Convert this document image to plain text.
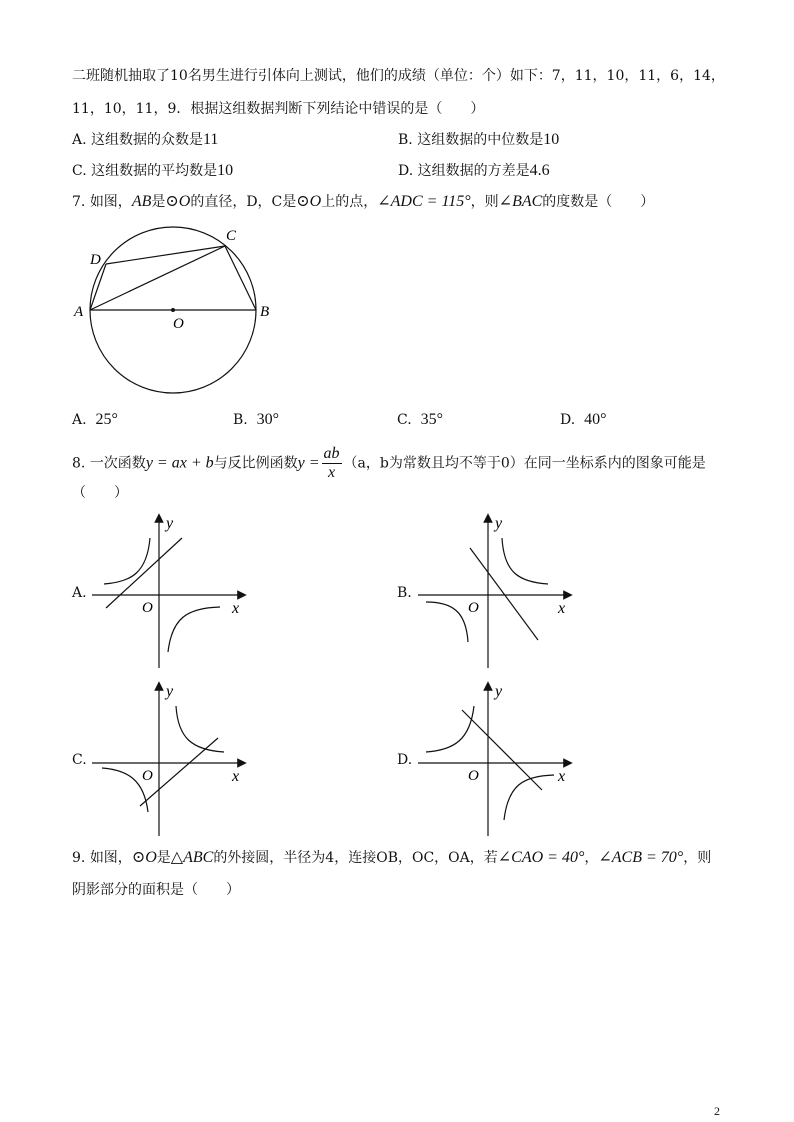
二班随机抽取了10名男生进行引体向上测试，他们的成绩（单位：个）如下：7，11，10，11，6，14，
11，10，11，9．根据这组数据判断下列结论中错误的是（　　）
A. 这组数据的众数是11	B. 这组数据的中位数是10
C. 这组数据的平均数是10	D. 这组数据的方差是4.6
7. 如图，AB是⊙O的直径，D，C是⊙O上的点，∠ADC = 115°，则∠BAC的度数是（　　）
A	B
C
D
O
A. 25°	B. 30°	C. 35°	D. 40°
8. 一次函数y = ax + b与反比例函数$y = \frac{ab}{x} (a$，b为常数且均不等于0）在同一坐标系内的图象可能是
（　　）
A.
O	x
y
B.
O	x
y
C.
O	x
y
D.
O	x
y
9. 如图，⊙O是△ABC的外接圆，半径为4，连接OB，OC，OA，若∠CAO = 40°，∠ACB = 70°，则
阴影部分的面积是（　　）
2
